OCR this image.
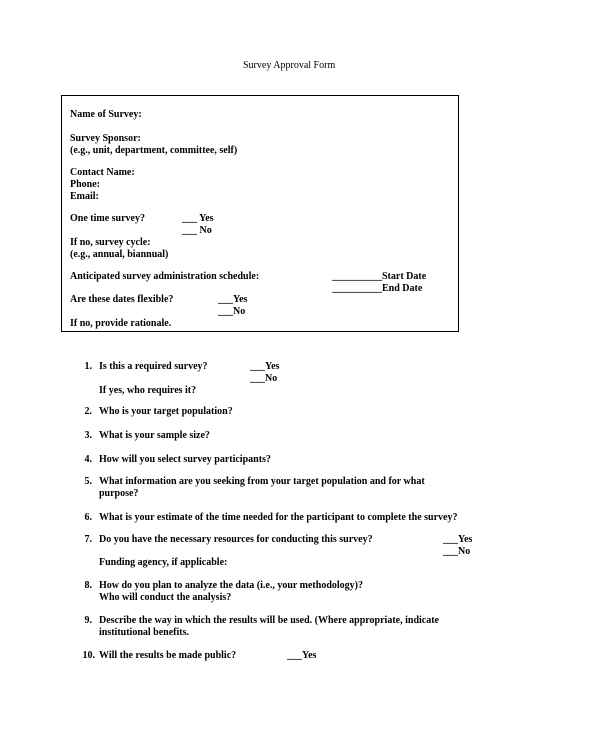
Survey Approval Form
Name of Survey:
Survey Sponsor:
(e.g., unit, department, committee, self)
Contact Name:
Phone:
Email:
One time survey?	___ Yes
___ No
If no, survey cycle:
(e.g., annual, biannual)
Anticipated survey administration schedule:	__________Start Date
__________End Date
Are these dates flexible?	___Yes
___No
If no, provide rationale.
1. Is this a required survey?	___Yes
___No
If yes, who requires it?
2. Who is your target population?
3. What is your sample size?
4. How will you select survey participants?
5. What information are you seeking from your target population and for what
purpose?
6. What is your estimate of the time needed for the participant to complete the survey?
7. Do you have the necessary resources for conducting this survey?	___Yes
___No
Funding agency, if applicable:
8. How do you plan to analyze the data (i.e., your methodology)?
Who will conduct the analysis?
9. Describe the way in which the results will be used. (Where appropriate, indicate
institutional benefits.
10. Will the results be made public?	___Yes
